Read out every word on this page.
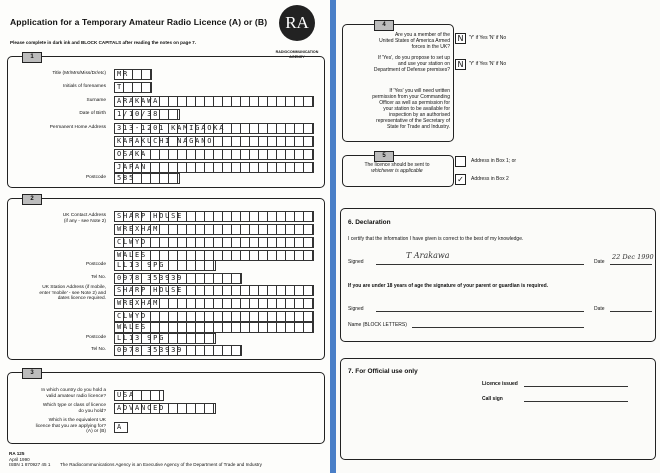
Application for a Temporary Amateur Radio Licence (A) or (B)
Please complete in dark ink and BLOCK CAPITALS after reading the notes on page 7.
RA
RADIOCOMMUNICATION
AGENCY
1
Title (Mr/Mrs/Miss/Dr/etc)	MR
Initials of forenames	T
Surname	ARAKAWA
Date of Birth	1/10/38
Permanent Home Address	313-1201 KAMIGAOKA
KARAKUCHI NAGANO
OSAKA
JAPAN
Postcode	585
2
UK Contact Address
(if any - see Note 2)
SHARP HOUSE
WREXHAM
CLWYD
WALES
Postcode	LL13 9PG
Tel No.	0978 353939
UK Station Address (if mobile,
enter 'mobile' - see Note 2) and
dates licence required.
SHARP HOUSE
WREXHAM
CLWYD
WALES
Postcode	LL13 9PG
Tel No.	0978 353939
3
In which country do you hold a
valid amateur radio licence?	USA
Which type or class of licence
do you hold?	ADVANCED
Which is the equivalent UK
licence that you are applying for?
(A) or (B)
A
RA 125
April 1990
ISBN 1 870927 45 1 The Radiocommunications Agency is an Executive Agency of the Department of Trade and Industry
4
Are you a member of the
United States of America Armed
forces in the UK?
N	'Y' if Yes 'N' if No
If 'Yes', do you propose to set up
and use your station on
Department of Defense premises?
N	'Y' if Yes 'N' if No
If 'Yes' you will need written
permission from your Commanding
Officer as well as permission for
your station to be available for
inspection by an authorised
representative of the Secretary of
State for Trade and Industry.
5
The licence should be sent to
whichever is applicable
Address in Box 1; or
✓	Address in Box 2
6. Declaration
I certify that the information I have given is correct to the best of my knowledge.
Signed
T Arakawa
Date
22 Dec 1990
If you are under 18 years of age the signature of your parent or guardian is required.
Signed	Date
Name (BLOCK LETTERS)
7. For Official use only
Licence issued
Call sign
